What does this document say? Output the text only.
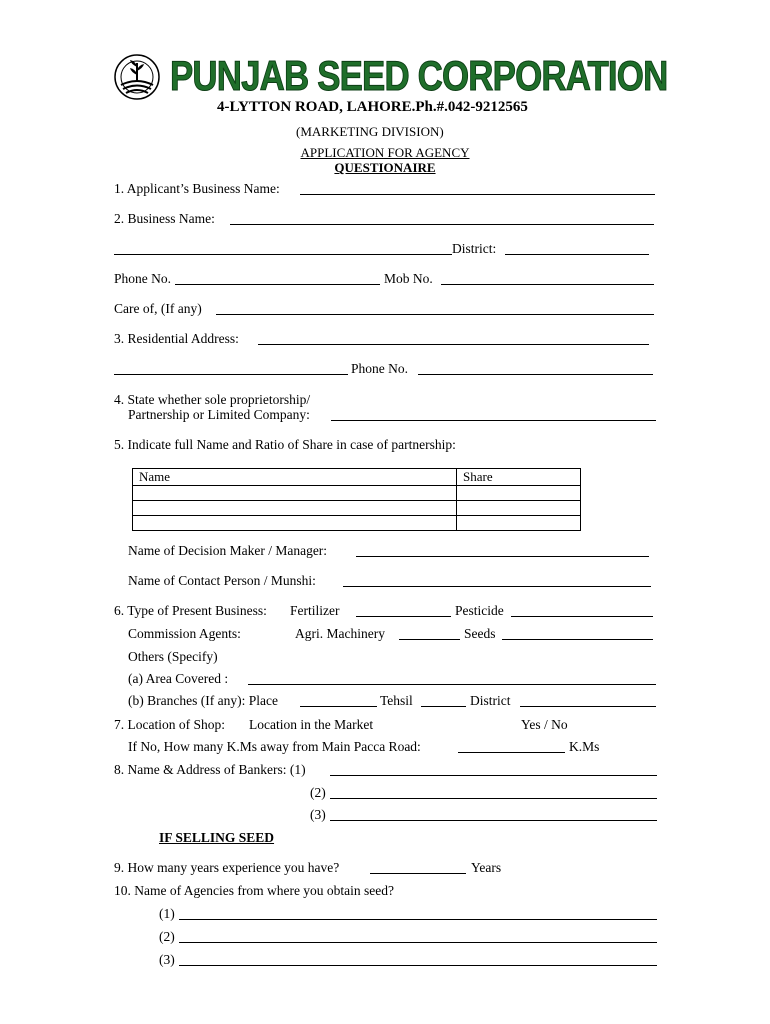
PUNJAB SEED CORPORATION
4-LYTTON ROAD, LAHORE.Ph.#.042-9212565
(MARKETING DIVISION)
APPLICATION FOR AGENCY
QUESTIONAIRE
1. Applicant’s Business Name:
2. Business Name:
District:
Phone No.	Mob No.
Care of, (If any)
3. Residential Address:
Phone No.
4. State whether sole proprietorship/
Partnership or Limited Company:
5. Indicate full Name and Ratio of Share in case of partnership:
Name	Share

Name of Decision Maker / Manager:
Name of Contact Person / Munshi:
6. Type of Present Business: Fertilizer	Pesticide
Commission Agents:	Agri. Machinery	Seeds
Others (Specify)
(a) Area Covered :
(b) Branches (If any): Place	Tehsil	District
7. Location of Shop: Location in the Market	Yes / No
If No, How many K.Ms away from Main Pacca Road:	K.Ms
8. Name & Address of Bankers: (1)
(2)
(3)
IF SELLING SEED
9. How many years experience you have?	Years
10. Name of Agencies from where you obtain seed?
(1)
(2)
(3)
